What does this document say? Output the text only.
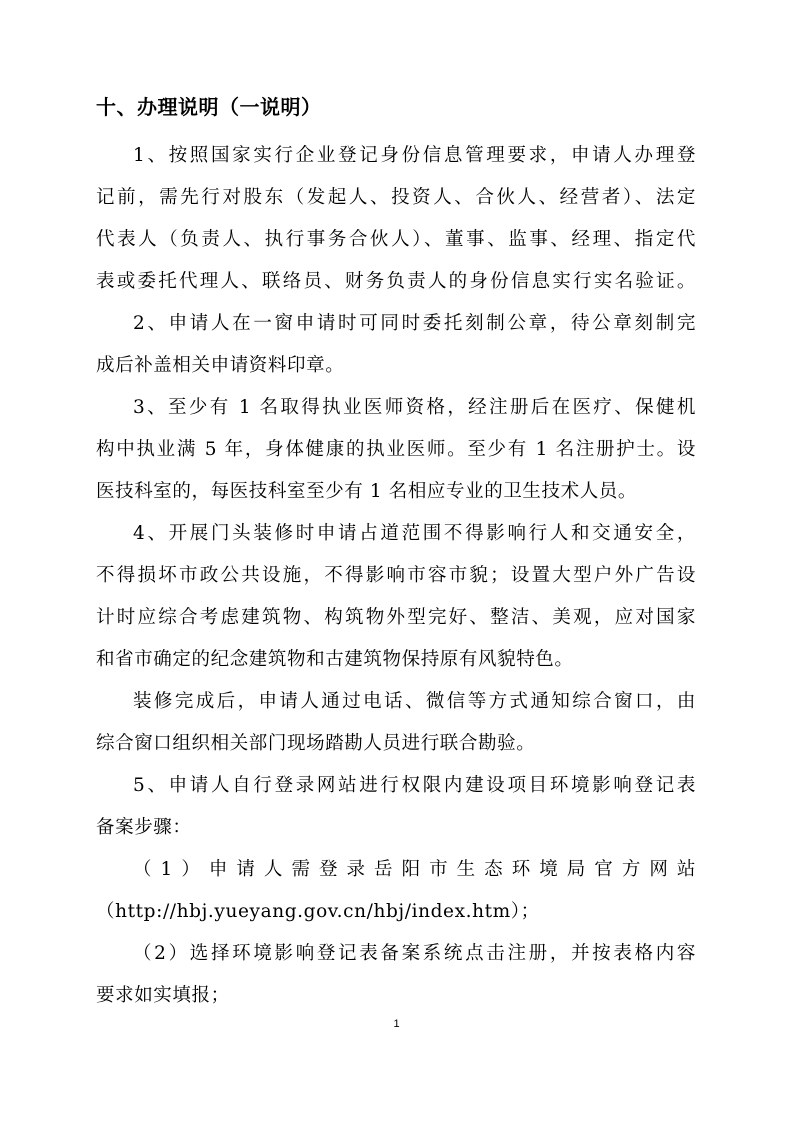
十、办理说明（一说明）
1、按照国家实行企业登记身份信息管理要求，申请人办理登
记前，需先行对股东（发起人、投资人、合伙人、经营者）、法定
代表人（负责人、执行事务合伙人）、董事、监事、经理、指定代
表或委托代理人、联络员、财务负责人的身份信息实行实名验证。
2、申请人在一窗申请时可同时委托刻制公章，待公章刻制完
成后补盖相关申请资料印章。
3、至少有 1 名取得执业医师资格，经注册后在医疗、保健机
构中执业满 5 年，身体健康的执业医师。至少有 1 名注册护士。设
医技科室的，每医技科室至少有 1 名相应专业的卫生技术人员。
4、开展门头装修时申请占道范围不得影响行人和交通安全，
不得损坏市政公共设施，不得影响市容市貌；设置大型户外广告设
计时应综合考虑建筑物、构筑物外型完好、整洁、美观，应对国家
和省市确定的纪念建筑物和古建筑物保持原有风貌特色。
装修完成后，申请人通过电话、微信等方式通知综合窗口，由
综合窗口组织相关部门现场踏勘人员进行联合勘验。
5、申请人自行登录网站进行权限内建设项目环境影响登记表
备案步骤：
（1）申请人需登录岳阳市生态环境局官方网站
（http://hbj.yueyang.gov.cn/hbj/index.htm）；
（2）选择环境影响登记表备案系统点击注册，并按表格内容
要求如实填报；
1
